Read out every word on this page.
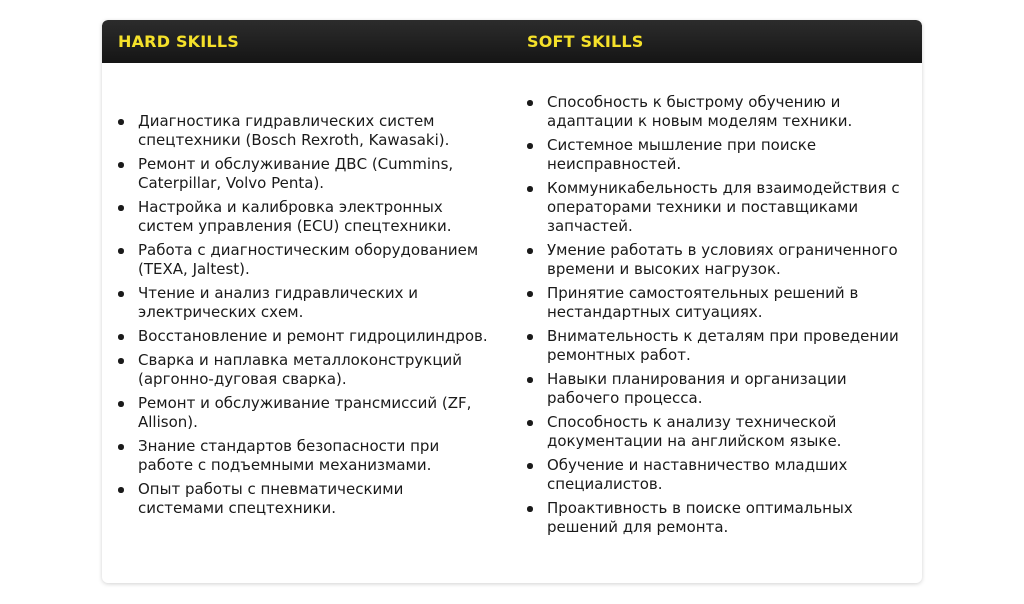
HARD SKILLS	SOFT SKILLS
Диагностика гидравлических систем спецтехники (Bosch Rexroth, Kawasaki).
Ремонт и обслуживание ДВС (Cummins, Caterpillar, Volvo Penta).
Настройка и калибровка электронных систем управления (ECU) спецтехники.
Работа с диагностическим оборудованием (TEXA, Jaltest).
Чтение и анализ гидравлических и электрических схем.
Восстановление и ремонт гидроцилиндров.
Сварка и наплавка металлоконструкций (аргонно-дуговая сварка).
Ремонт и обслуживание трансмиссий (ZF, Allison).
Знание стандартов безопасности при работе с подъемными механизмами.
Опыт работы с пневматическими системами спецтехники.
Способность к быстрому обучению и адаптации к новым моделям техники.
Системное мышление при поиске неисправностей.
Коммуникабельность для взаимодействия с операторами техники и поставщиками запчастей.
Умение работать в условиях ограниченного времени и высоких нагрузок.
Принятие самостоятельных решений в нестандартных ситуациях.
Внимательность к деталям при проведении ремонтных работ.
Навыки планирования и организации рабочего процесса.
Способность к анализу технической документации на английском языке.
Обучение и наставничество младших специалистов.
Проактивность в поиске оптимальных решений для ремонта.
